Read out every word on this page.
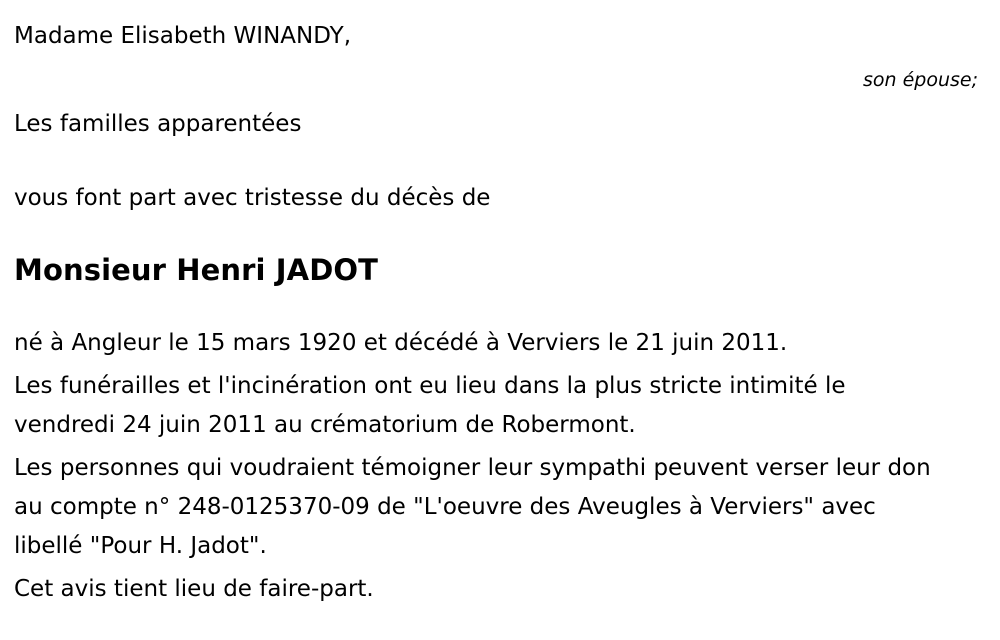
Madame Elisabeth WINANDY,
son épouse;
Les familles apparentées
vous font part avec tristesse du décès de
Monsieur Henri JADOT
né à Angleur le 15 mars 1920 et décédé à Verviers le 21 juin 2011.
Les funérailles et l'incinération ont eu lieu dans la plus stricte intimité le vendredi 24 juin 2011 au crématorium de Robermont.
Les personnes qui voudraient témoigner leur sympathi peuvent verser leur don au compte n° 248-0125370-09 de "L'oeuvre des Aveugles à Verviers" avec libellé "Pour H. Jadot".
Cet avis tient lieu de faire-part.
